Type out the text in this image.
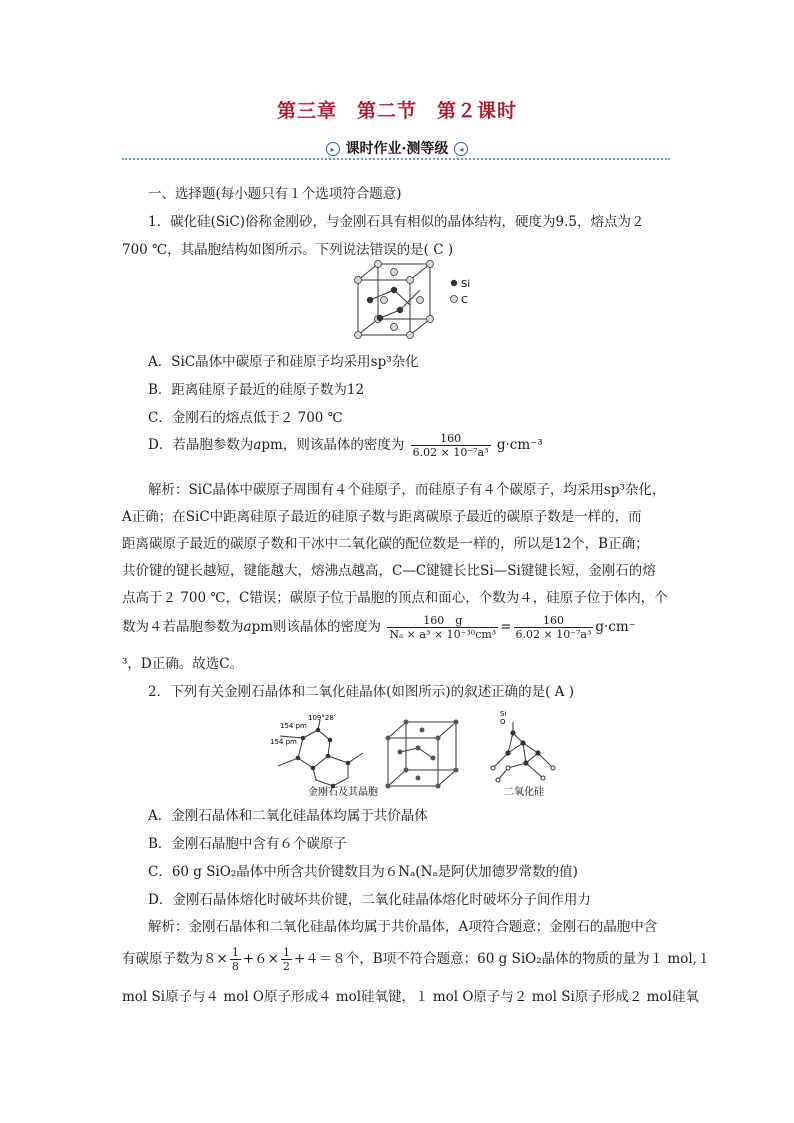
第三章　第二节　第２课时
▸ 课时作业·测等级 ◂
一、选择题(每小题只有１个选项符合题意)
1．碳化硅(SiC)俗称金刚砂，与金刚石具有相似的晶体结构，硬度为9.5，熔点为２
700 ℃，其晶胞结构如图所示。下列说法错误的是( C )
Si
C
A．SiC晶体中碳原子和硅原子均采用sp³杂化
B．距离硅原子最近的硅原子数为12
C．金刚石的熔点低于２ 700 ℃
D．若晶胞参数为apm，则该晶体的密度为 $\frac{160}{\text{6.02 × 10⁻⁷a³}} g\cdot cm^{-3}$
解析：SiC晶体中碳原子周围有４个硅原子，而硅原子有４个碳原子，均采用sp³杂化，
A正确；在SiC中距离硅原子最近的硅原子数与距离碳原子最近的碳原子数是一样的，而
距离碳原子最近的碳原子数和干冰中二氧化碳的配位数是一样的，所以是12个，B正确；
共价键的键长越短，键能越大，熔沸点越高，C—C键键长比Si—Si键键长短，金刚石的熔
点高于２ 700 ℃，C错误；碳原子位于晶胞的顶点和面心，个数为４，硅原子位于体内，个
数为４若晶胞参数为apm则该晶体的密度为 $\frac{160 g}{\text{Nₐ × a³ × 10⁻³⁰cm³}} = \frac{160}{\text{6.02 × 10⁻⁷a³}} g\cdot cm^-$
³，D正确。故选C。
2．下列有关金刚石晶体和二氧化硅晶体(如图所示)的叙述正确的是( A )
154 pm
109°28′
154 pm
Si
O
金刚石及其晶胞	二氧化硅
A．金刚石晶体和二氧化硅晶体均属于共价晶体
B．金刚石晶胞中含有６个碳原子
C．60 g SiO₂晶体中所含共价键数目为６Nₐ(Nₐ是阿伏加德罗常数的值)
D．金刚石晶体熔化时破坏共价键，二氧化硅晶体熔化时破坏分子间作用力
解析：金刚石晶体和二氧化硅晶体均属于共价晶体，A项符合题意；金刚石的晶胞中含
有碳原子数为$8\times \frac{1}{8} +6\times \frac{1}{2} +4=8$个，B项不符合题意；60 g SiO₂晶体的物质的量为１ mol,１
mol Si原子与４ mol O原子形成４ mol硅氧键，１ mol O原子与２ mol Si原子形成２ mol硅氧
